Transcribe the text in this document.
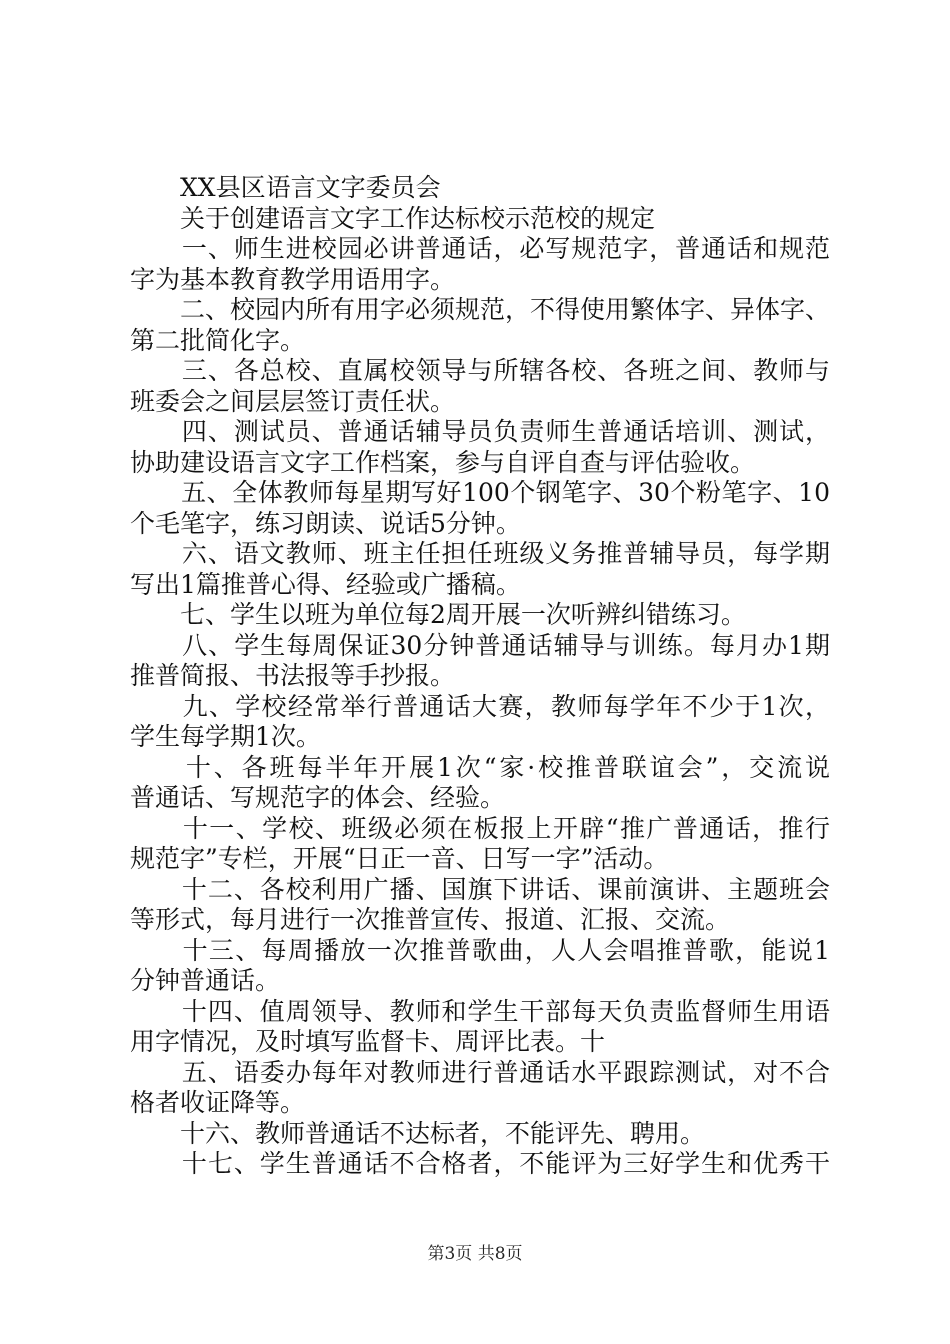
　　XX县区语言文字委员会
　　关于创建语言文字工作达标校示范校的规定
　　一、师生进校园必讲普通话，必写规范字，普通话和规范
字为基本教育教学用语用字。
　　二、校园内所有用字必须规范，不得使用繁体字、异体字、
第二批简化字。
　　三、各总校、直属校领导与所辖各校、各班之间、教师与
班委会之间层层签订责任状。
　　四、测试员、普通话辅导员负责师生普通话培训、测试，
协助建设语言文字工作档案，参与自评自查与评估验收。
　　五、全体教师每星期写好100个钢笔字、30个粉笔字、10
个毛笔字，练习朗读、说话5分钟。
　　六、语文教师、班主任担任班级义务推普辅导员，每学期
写出1篇推普心得、经验或广播稿。
　　七、学生以班为单位每2周开展一次听辨纠错练习。
　　八、学生每周保证30分钟普通话辅导与训练。每月办1期
推普简报、书法报等手抄报。
　　九、学校经常举行普通话大赛，教师每学年不少于1次，
学生每学期1次。
　　十、各班每半年开展1次“家·校推普联谊会”，交流说
普通话、写规范字的体会、经验。
　　十一、学校、班级必须在板报上开辟“推广普通话，推行
规范字”专栏，开展“日正一音、日写一字”活动。
　　十二、各校利用广播、国旗下讲话、课前演讲、主题班会
等形式，每月进行一次推普宣传、报道、汇报、交流。
　　十三、每周播放一次推普歌曲，人人会唱推普歌，能说1
分钟普通话。
　　十四、值周领导、教师和学生干部每天负责监督师生用语
用字情况，及时填写监督卡、周评比表。十
　　五、语委办每年对教师进行普通话水平跟踪测试，对不合
格者收证降等。
　　十六、教师普通话不达标者，不能评先、聘用。
　　十七、学生普通话不合格者，不能评为三好学生和优秀干
第3页 共8页
